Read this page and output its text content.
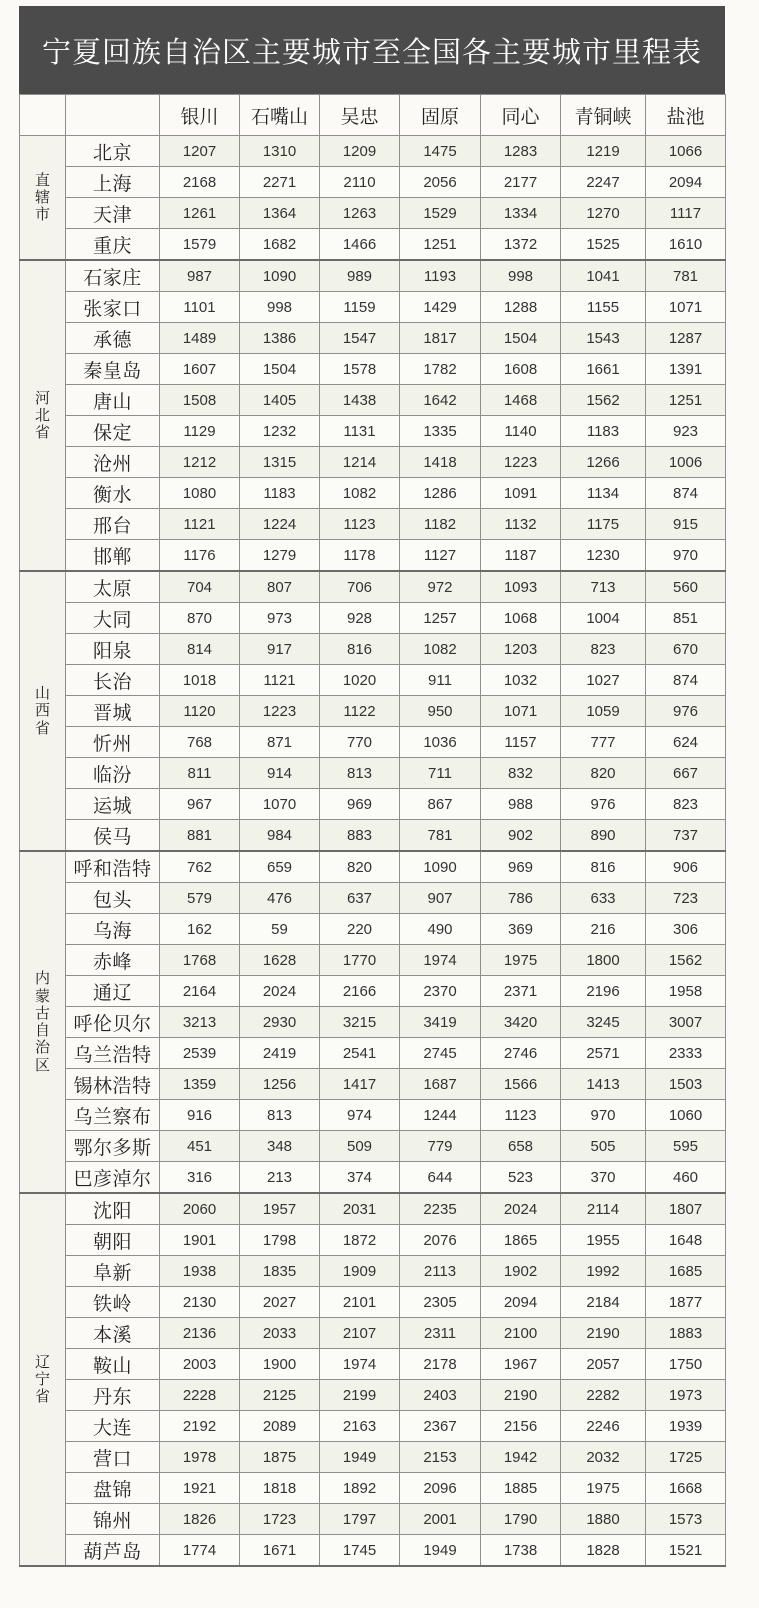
宁夏回族自治区主要城市至全国各主要城市里程表
		银川	石嘴山	吴忠	固原	同心	青铜峡	盐池
直辖市	北京	1207	1310	1209	1475	1283	1219	1066
	上海	2168	2271	2110	2056	2177	2247	2094
	天津	1261	1364	1263	1529	1334	1270	1117
	重庆	1579	1682	1466	1251	1372	1525	1610
河北省	石家庄	987	1090	989	1193	998	1041	781
	张家口	1101	998	1159	1429	1288	1155	1071
	承德	1489	1386	1547	1817	1504	1543	1287
	秦皇岛	1607	1504	1578	1782	1608	1661	1391
	唐山	1508	1405	1438	1642	1468	1562	1251
	保定	1129	1232	1131	1335	1140	1183	923
	沧州	1212	1315	1214	1418	1223	1266	1006
	衡水	1080	1183	1082	1286	1091	1134	874
	邢台	1121	1224	1123	1182	1132	1175	915
	邯郸	1176	1279	1178	1127	1187	1230	970
山西省	太原	704	807	706	972	1093	713	560
	大同	870	973	928	1257	1068	1004	851
	阳泉	814	917	816	1082	1203	823	670
	长治	1018	1121	1020	911	1032	1027	874
	晋城	1120	1223	1122	950	1071	1059	976
	忻州	768	871	770	1036	1157	777	624
	临汾	811	914	813	711	832	820	667
	运城	967	1070	969	867	988	976	823
	侯马	881	984	883	781	902	890	737
内蒙古自治区	呼和浩特	762	659	820	1090	969	816	906
	包头	579	476	637	907	786	633	723
	乌海	162	59	220	490	369	216	306
	赤峰	1768	1628	1770	1974	1975	1800	1562
	通辽	2164	2024	2166	2370	2371	2196	1958
	呼伦贝尔	3213	2930	3215	3419	3420	3245	3007
	乌兰浩特	2539	2419	2541	2745	2746	2571	2333
	锡林浩特	1359	1256	1417	1687	1566	1413	1503
	乌兰察布	916	813	974	1244	1123	970	1060
	鄂尔多斯	451	348	509	779	658	505	595
	巴彦淖尔	316	213	374	644	523	370	460
辽宁省	沈阳	2060	1957	2031	2235	2024	2114	1807
	朝阳	1901	1798	1872	2076	1865	1955	1648
	阜新	1938	1835	1909	2113	1902	1992	1685
	铁岭	2130	2027	2101	2305	2094	2184	1877
	本溪	2136	2033	2107	2311	2100	2190	1883
	鞍山	2003	1900	1974	2178	1967	2057	1750
	丹东	2228	2125	2199	2403	2190	2282	1973
	大连	2192	2089	2163	2367	2156	2246	1939
	营口	1978	1875	1949	2153	1942	2032	1725
	盘锦	1921	1818	1892	2096	1885	1975	1668
	锦州	1826	1723	1797	2001	1790	1880	1573
	葫芦岛	1774	1671	1745	1949	1738	1828	1521
